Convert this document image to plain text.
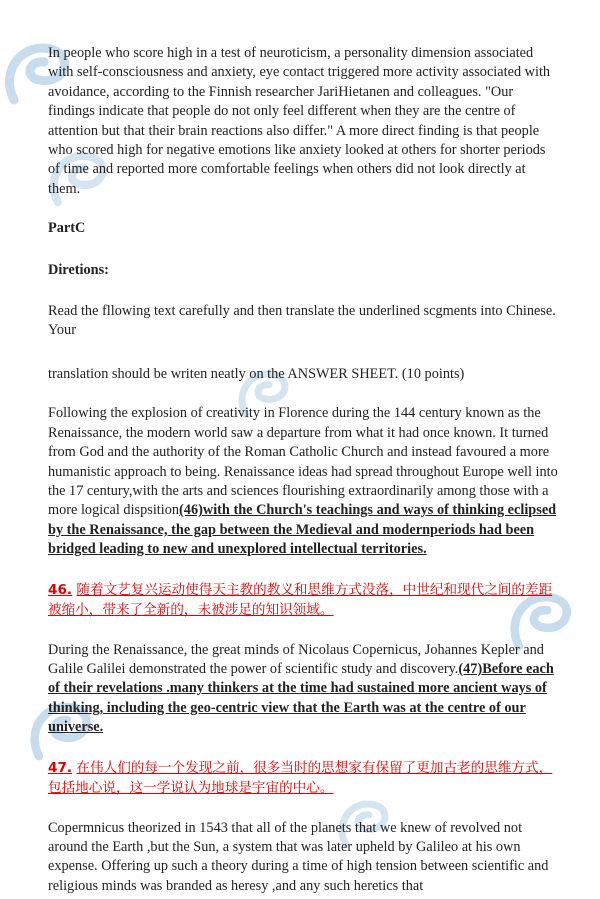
In people who score high in a test of neuroticism, a personality dimension associated with self-consciousness and anxiety, eye contact triggered more activity associated with avoidance, according to the Finnish researcher JariHietanen and colleagues. "Our findings indicate that people do not only feel different when they are the centre of attention but that their brain reactions also differ." A more direct finding is that people who scored high for negative emotions like anxiety looked at others for shorter periods of time and reported more comfortable feelings when others did not look directly at them.

PartC

Diretions:

Read the fllowing text carefully and then translate the underlined scgments into Chinese. Your

translation should be writen neatly on the ANSWER SHEET. (10 points)

Following the explosion of creativity in Florence during the 144 century known as the Renaissance, the modern world saw a departure from what it had once known. It turned from God and the authority of the Roman Catholic Church and instead favoured a more humanistic approach to being. Renaissance ideas had spread throughout Europe well into the 17 century,with the arts and sciences flourishing extraordinarily among those with a more logical dispsition(46)with the Church's teachings and ways of thinking eclipsed by the Renaissance, the gap between the Medieval and modernperiods had been bridged leading to new and unexplored intellectual territories.

46. 随着文艺复兴运动使得天主教的教义和思维方式没落，中世纪和现代之间的差距被缩小，带来了全新的，未被涉足的知识领域。

During the Renaissance, the great minds of Nicolaus Copernicus, Johannes Kepler and Galile Galilei demonstrated the power of scientific study and discovery.(47)Before each of their revelations .many thinkers at the time had sustained more ancient ways of thinking, including the geo-centric view that the Earth was at the centre of our universe.

47. 在伟人们的每一个发现之前，很多当时的思想家有保留了更加古老的思维方式，包括地心说，这一学说认为地球是宇宙的中心。

Copermnicus theorized in 1543 that all of the planets that we knew of revolved not around the Earth ,but the Sun, a system that was later upheld by Galileo at his own expense. Offering up such a theory during a time of high tension between scientific and religious minds was branded as heresy ,and any such heretics that
